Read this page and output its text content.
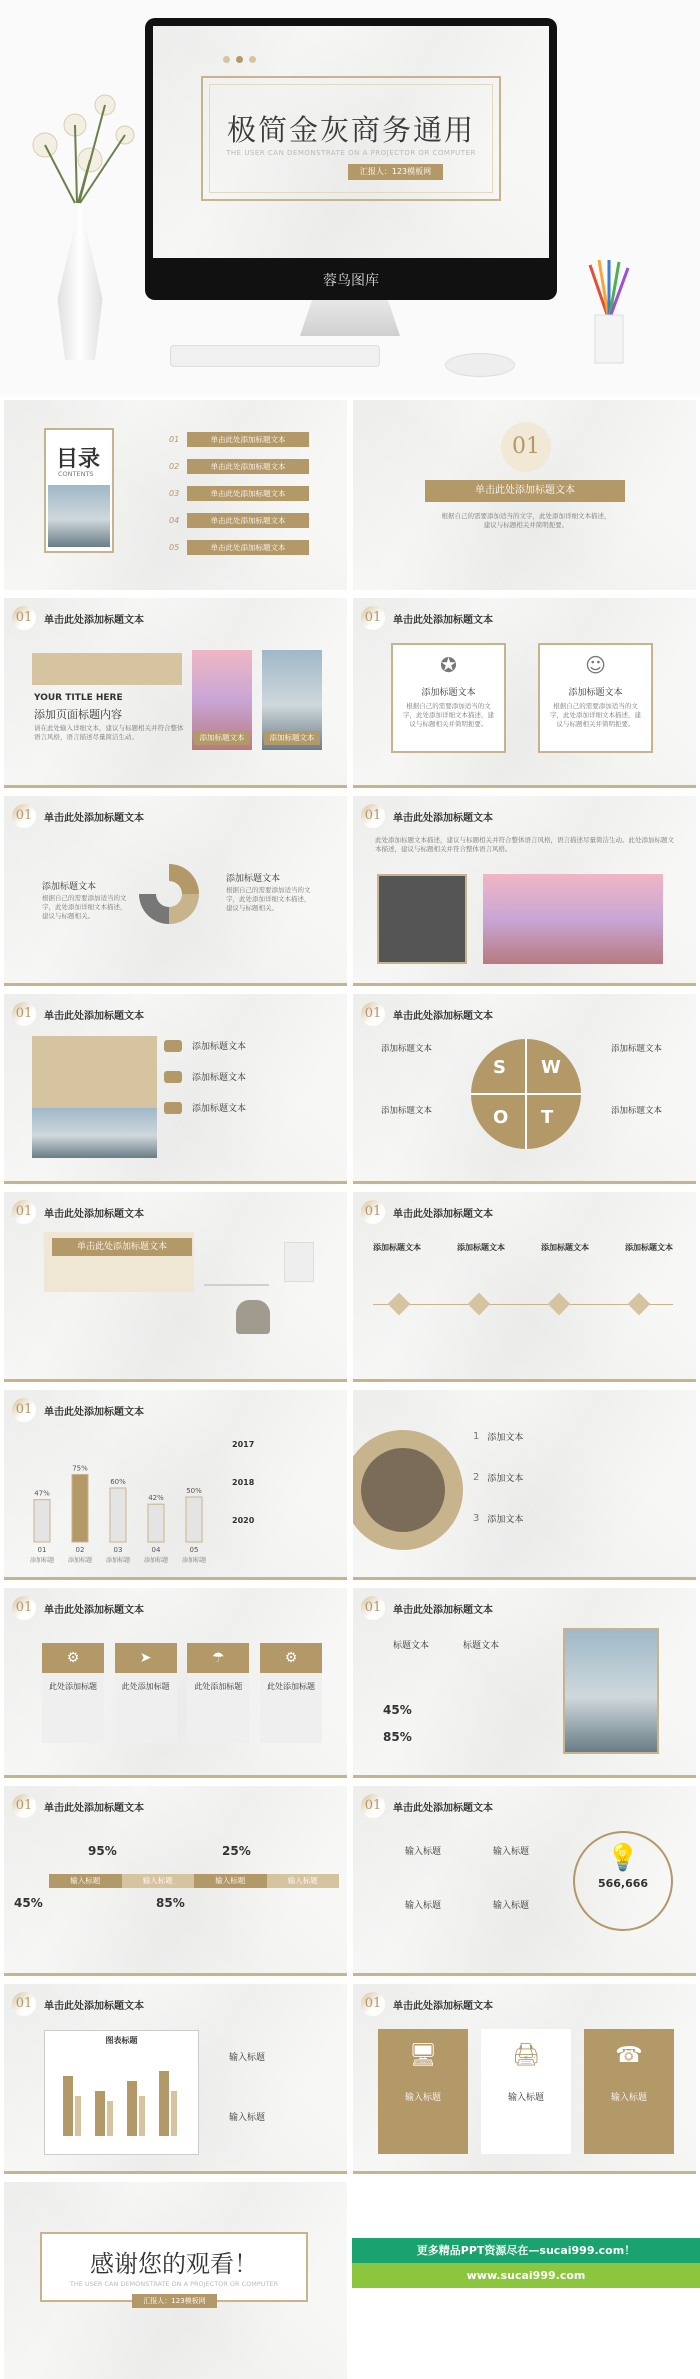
极简金灰商务通用
THE USER CAN DEMONSTRATE ON A PROJECTOR OR COMPUTER
汇报人：123模板网
蓉鸟图库
目录
CONTENTS
01	单击此处添加标题文本
02	单击此处添加标题文本
03	单击此处添加标题文本
04	单击此处添加标题文本
05	单击此处添加标题文本
01
单击此处添加标题文本
根据自己的需要添加适当的文字，此处添加详细文本描述，建议与标题相关并简明扼要。
01	单击此处添加标题文本
YOUR TITLE HERE
添加页面标题内容
请在此处输入详细文本，建议与标题相关并符合整体语言风格，语言描述尽量简洁生动。	添加标题文本	添加标题文本
01	单击此处添加标题文本
✪
添加标题文本
根据自己的需要添加适当的文字，此处添加详细文本描述，建议与标题相关并简明扼要。
☺
添加标题文本
根据自己的需要添加适当的文字，此处添加详细文本描述，建议与标题相关并简明扼要。
01	单击此处添加标题文本
添加标题文本
根据自己的需要添加适当的文字，此处添加详细文本描述，建议与标题相关。
添加标题文本
根据自己的需要添加适当的文字，此处添加详细文本描述，建议与标题相关。
01	单击此处添加标题文本
此处添加标题文本描述，建议与标题相关并符合整体语言风格，语言描述尽量简洁生动。此处添加标题文本描述，建议与标题相关并符合整体语言风格。
01	单击此处添加标题文本
添加标题文本
添加标题文本
添加标题文本
01	单击此处添加标题文本
S W
O T
添加标题文本	添加标题文本
添加标题文本	添加标题文本
01	单击此处添加标题文本
单击此处添加标题文本
01	单击此处添加标题文本
添加标题文本	添加标题文本	添加标题文本	添加标题文本
01	单击此处添加标题文本
47%
01
添加标题
75%
02
添加标题
60%
03
添加标题
42%
04
添加标题
50%
05
添加标题
2017
2018
2020
1 添加文本
2 添加文本
3 添加文本
01	单击此处添加标题文本
⚙
此处添加标题
➤
此处添加标题
☂
此处添加标题
⚙
此处添加标题
01	单击此处添加标题文本
标题文本	标题文本
45%
85%
01	单击此处添加标题文本
95%	25%
45%	85%
输入标题	输入标题	输入标题	输入标题
01	单击此处添加标题文本
输入标题	输入标题
输入标题	输入标题
💡
566,666
01	单击此处添加标题文本
图表标题
输入标题
输入标题
01	单击此处添加标题文本
🖥
输入标题
🖨
输入标题
☎
输入标题
感谢您的观看！
THE USER CAN DEMONSTRATE ON A PROJECTOR OR COMPUTER
汇报人：123模板网
更多精品PPT资源尽在—sucai999.com！
www.sucai999.com
